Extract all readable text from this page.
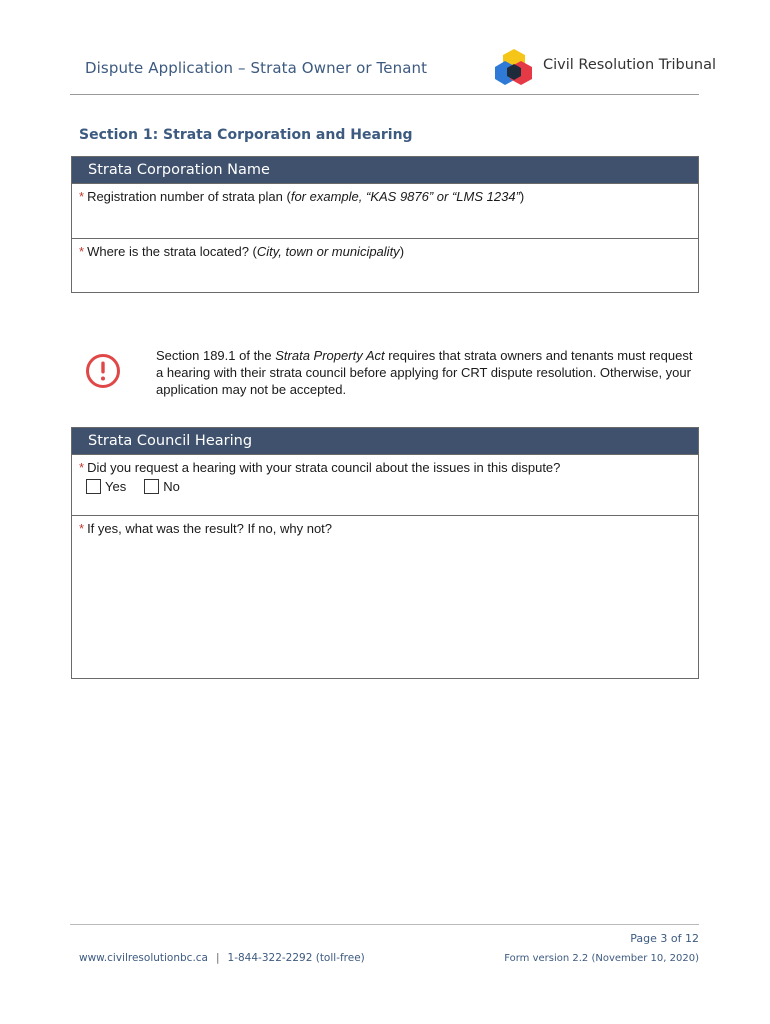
Dispute Application – Strata Owner or Tenant	Civil Resolution Tribunal
Section 1: Strata Corporation and Hearing
Strata Corporation Name
* Registration number of strata plan (for example, “KAS 9876” or “LMS 1234”)
* Where is the strata located? (City, town or municipality)
Section 189.1 of the Strata Property Act requires that strata owners and tenants must request a hearing with their strata council before applying for CRT dispute resolution. Otherwise, your application may not be accepted.
Strata Council Hearing
* Did you request a hearing with your strata council about the issues in this dispute?
Yes	No
* If yes, what was the result? If no, why not?
Page 3 of 12
www.civilresolutionbc.ca | 1-844-322-2292 (toll-free)	Form version 2.2 (November 10, 2020)
